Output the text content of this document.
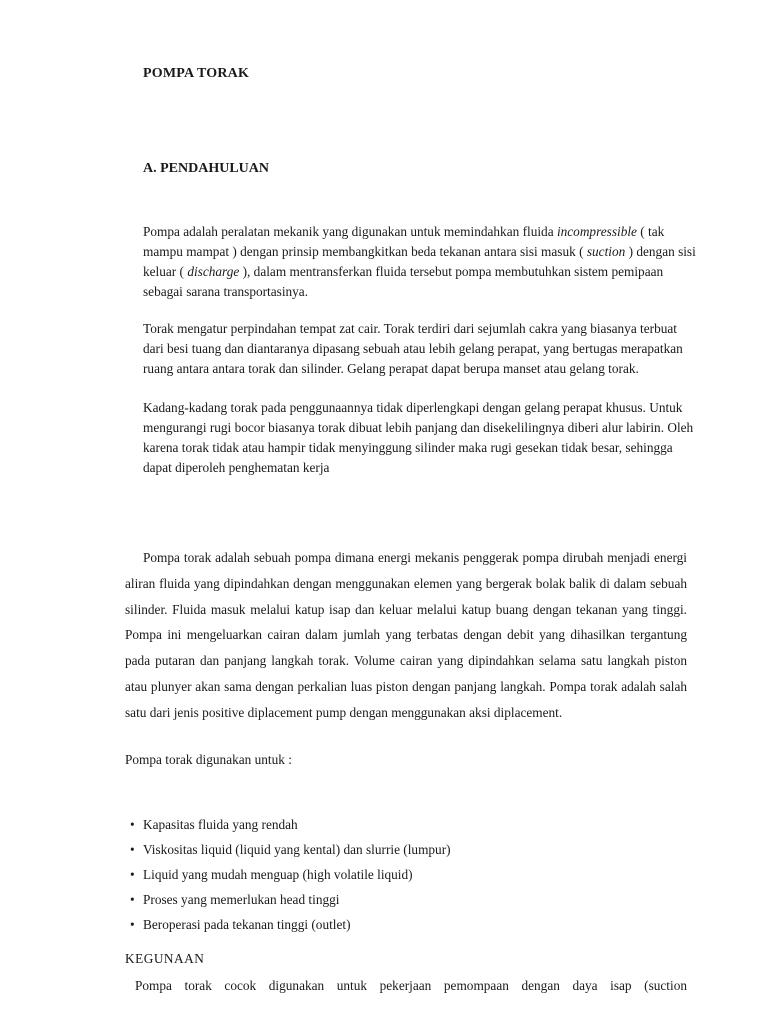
POMPA TORAK
A. PENDAHULUAN
Pompa adalah peralatan mekanik yang digunakan untuk memindahkan fluida incompressible ( tak mampu mampat ) dengan prinsip membangkitkan beda tekanan antara sisi masuk ( suction ) dengan sisi keluar ( discharge ), dalam mentransferkan fluida tersebut pompa membutuhkan sistem pemipaan sebagai sarana transportasinya.
Torak mengatur perpindahan tempat zat cair. Torak terdiri dari sejumlah cakra yang biasanya terbuat dari besi tuang dan diantaranya dipasang sebuah atau lebih gelang perapat, yang bertugas merapatkan ruang antara antara torak dan silinder. Gelang perapat dapat berupa manset atau gelang torak.
Kadang-kadang torak pada penggunaannya tidak diperlengkapi dengan gelang perapat khusus. Untuk mengurangi rugi bocor biasanya torak dibuat lebih panjang dan disekelilingnya diberi alur labirin. Oleh karena torak tidak atau hampir tidak menyinggung silinder maka rugi gesekan tidak besar, sehingga dapat diperoleh penghematan kerja
Pompa torak adalah sebuah pompa dimana energi mekanis penggerak pompa dirubah menjadi energi aliran fluida yang dipindahkan dengan menggunakan elemen yang bergerak bolak balik di dalam sebuah silinder. Fluida masuk melalui katup isap dan keluar melalui katup buang dengan tekanan yang tinggi. Pompa ini mengeluarkan cairan dalam jumlah yang terbatas dengan debit yang dihasilkan tergantung pada putaran dan panjang langkah torak. Volume cairan yang dipindahkan selama satu langkah piston atau plunyer akan sama dengan perkalian luas piston dengan panjang langkah. Pompa torak adalah salah satu dari jenis positive diplacement pump dengan menggunakan aksi diplacement.
Pompa torak digunakan untuk :
• Kapasitas fluida yang rendah
• Viskositas liquid (liquid yang kental) dan slurrie (lumpur)
• Liquid yang mudah menguap (high volatile liquid)
• Proses yang memerlukan head tinggi
• Beroperasi pada tekanan tinggi (outlet)
KEGUNAAN
Pompa torak cocok digunakan untuk pekerjaan pemompaan dengan daya isap (suction
